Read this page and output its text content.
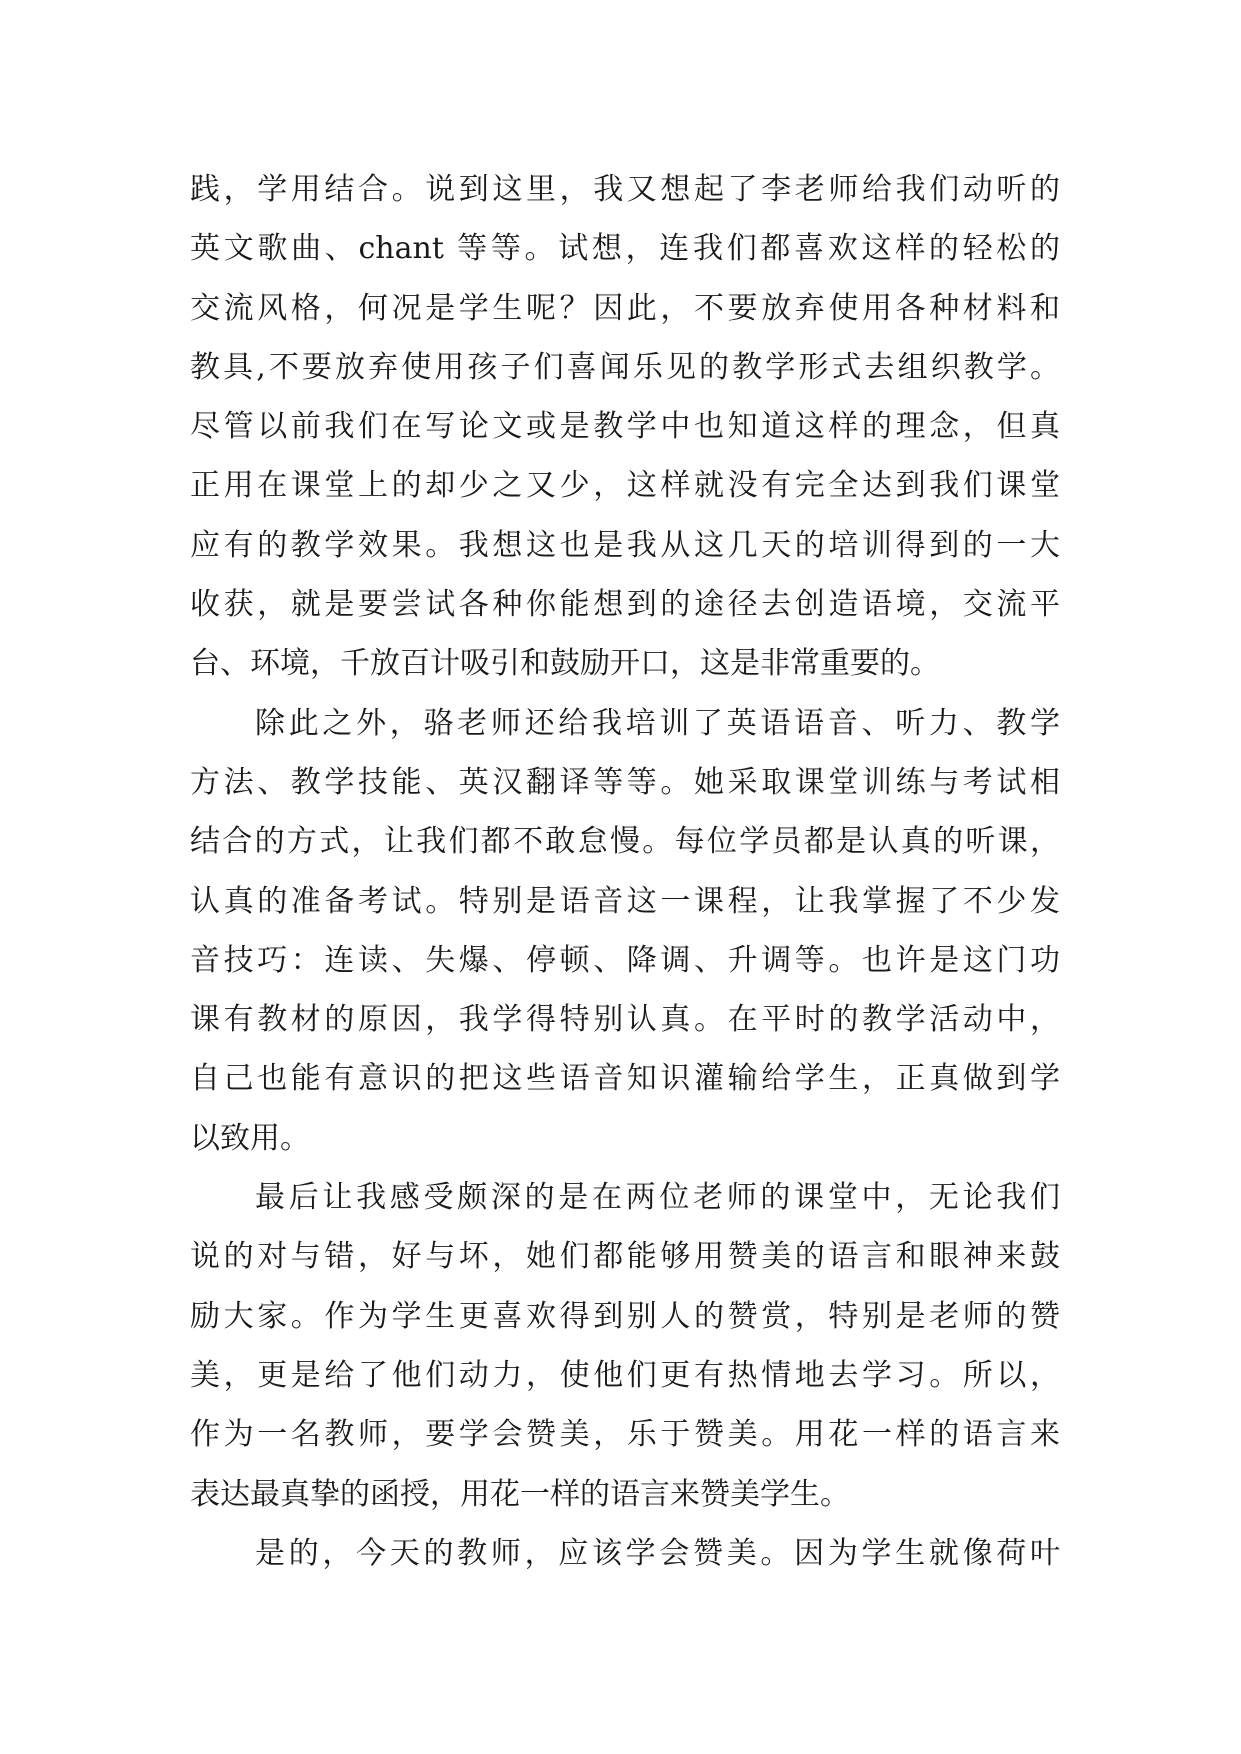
践，学用结合。说到这里，我又想起了李老师给我们动听的
英文歌曲、chant 等等。试想，连我们都喜欢这样的轻松的
交流风格，何况是学生呢？因此，不要放弃使用各种材料和
教具,不要放弃使用孩子们喜闻乐见的教学形式去组织教学。
尽管以前我们在写论文或是教学中也知道这样的理念，但真
正用在课堂上的却少之又少，这样就没有完全达到我们课堂
应有的教学效果。我想这也是我从这几天的培训得到的一大
收获，就是要尝试各种你能想到的途径去创造语境，交流平
台、环境，千放百计吸引和鼓励开口，这是非常重要的。
除此之外，骆老师还给我培训了英语语音、听力、教学
方法、教学技能、英汉翻译等等。她采取课堂训练与考试相
结合的方式，让我们都不敢怠慢。每位学员都是认真的听课，
认真的准备考试。特别是语音这一课程，让我掌握了不少发
音技巧：连读、失爆、停顿、降调、升调等。也许是这门功
课有教材的原因，我学得特别认真。在平时的教学活动中，
自己也能有意识的把这些语音知识灌输给学生，正真做到学
以致用。
最后让我感受颇深的是在两位老师的课堂中，无论我们
说的对与错，好与坏，她们都能够用赞美的语言和眼神来鼓
励大家。作为学生更喜欢得到别人的赞赏，特别是老师的赞
美，更是给了他们动力，使他们更有热情地去学习。所以，
作为一名教师，要学会赞美，乐于赞美。用花一样的语言来
表达最真挚的函授，用花一样的语言来赞美学生。
是的，今天的教师，应该学会赞美。因为学生就像荷叶
